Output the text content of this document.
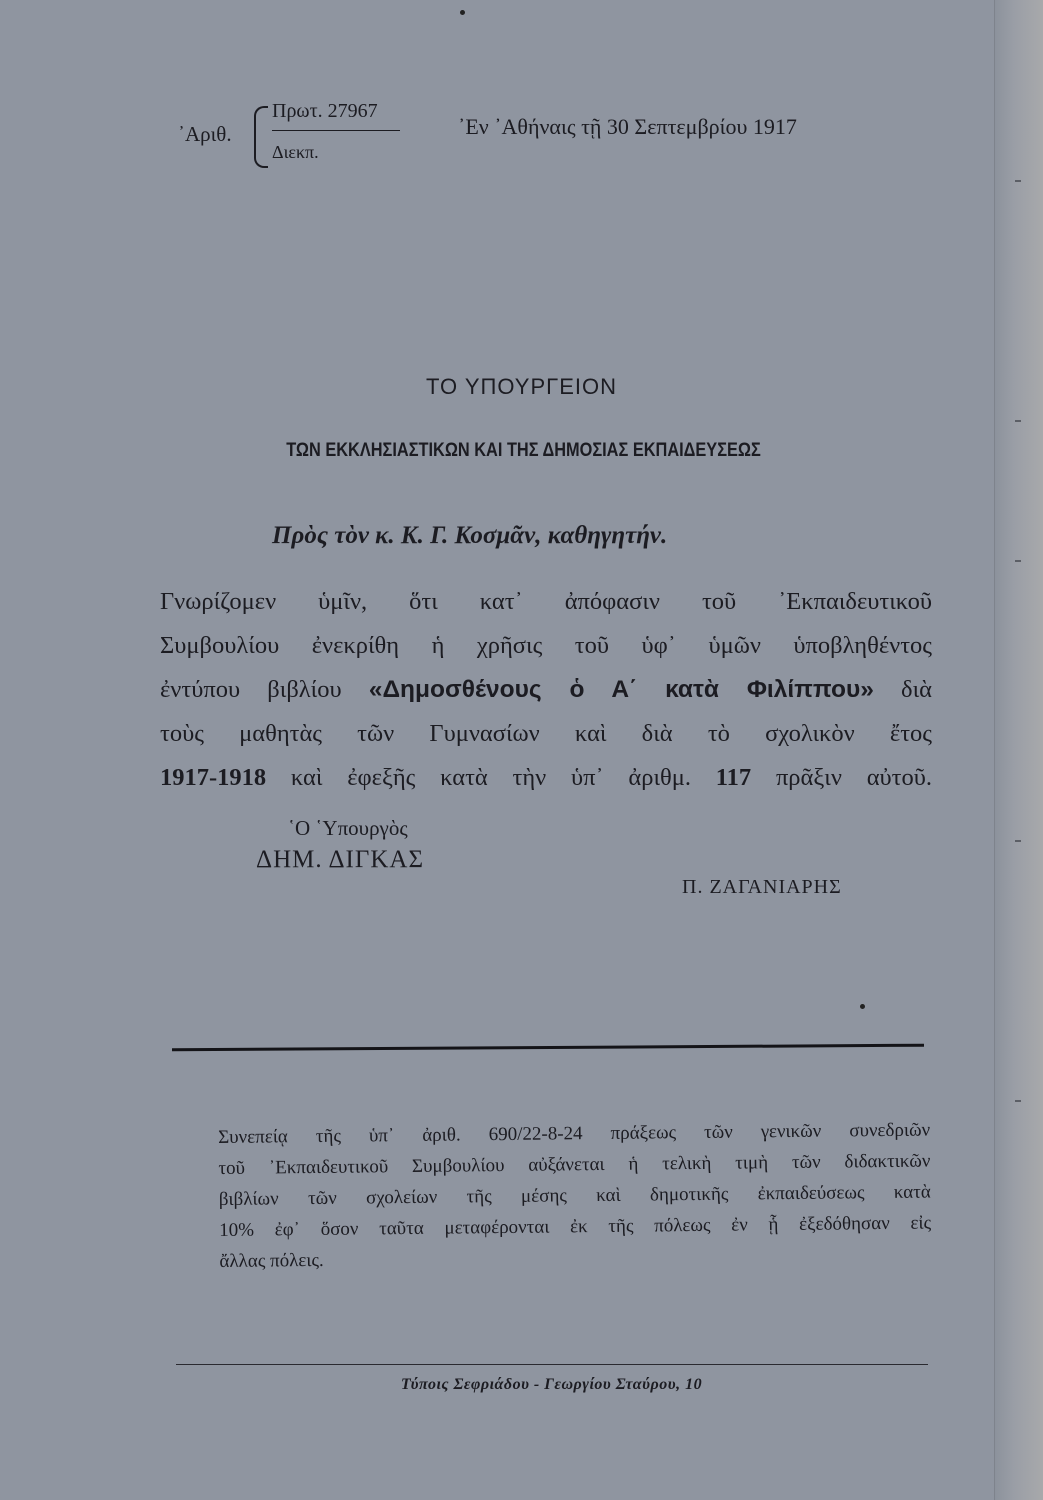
᾿Αριθ.
Πρωτ. 27967
Διεκπ.
᾿Εν ᾿Αθήναις τῇ 30 Σεπτεμβρίου 1917
ΤΟ ΥΠΟΥΡΓΕΙΟΝ
ΤΩΝ ΕΚΚΛΗΣΙΑΣΤΙΚΩΝ ΚΑΙ ΤΗΣ ΔΗΜΟΣΙΑΣ ΕΚΠΑΙΔΕΥΣΕΩΣ
Πρὸς τὸν κ. Κ. Γ. Κοσμᾶν, καθηγητήν.
Γνωρίζομεν ὑμῖν, ὅτι κατ᾽ ἀπόφασιν τοῦ ᾿Εκπαιδευτικοῦ
Συμβουλίου ἐνεκρίθη ἡ χρῆσις τοῦ ὑφ᾽ ὑμῶν ὑποβληθέντος
ἐντύπου βιβλίου «Δημοσθένους ὁ Α΄ κατὰ Φιλίππου» διὰ
τοὺς μαθητὰς τῶν Γυμνασίων καὶ διὰ τὸ σχολικὸν ἔτος
1917-1918 καὶ ἐφεξῆς κατὰ τὴν ὑπ᾽ ἀριθμ. 117 πρᾶξιν αὐτοῦ.
῾Ο ῾Υπουργὸς
ΔΗΜ. ΔΙΓΚΑΣ
Π. ΖΑΓΑΝΙΑΡΗΣ
Συνεπείᾳ τῆς ὑπ᾽ ἀριθ. 690/22-8-24 πράξεως τῶν γενικῶν συνεδριῶν
τοῦ ᾿Εκπαιδευτικοῦ Συμβουλίου αὐξάνεται ἡ τελικὴ τιμὴ τῶν διδακτικῶν
βιβλίων τῶν σχολείων τῆς μέσης καὶ δημοτικῆς ἐκπαιδεύσεως κατὰ
10% ἐφ᾽ ὅσον ταῦτα μεταφέρονται ἐκ τῆς πόλεως ἐν ᾗ ἐξεδόθησαν εἰς
ἄλλας πόλεις.
Τύποις Σεφριάδου - Γεωργίου Σταύρου, 10
